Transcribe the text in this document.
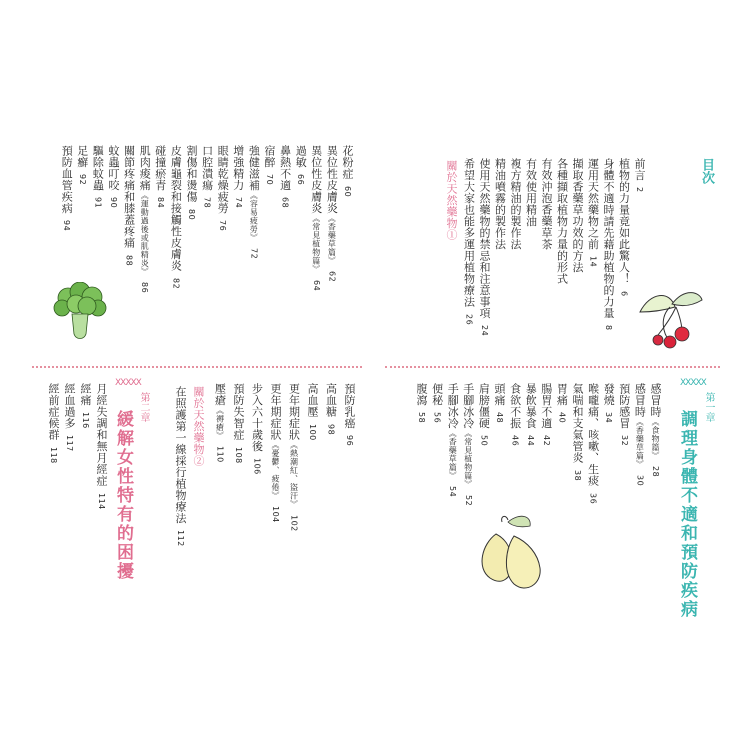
目次
前言2
植物的力量竟如此驚人！6
身體不適時請先藉助植物的力量8
運用天然藥物之前14
擷取香藥草功效的方法
各種擷取植物力量的形式
有效沖泡香藥草茶
有效使用精油
複方精油的製作法
精油噴霧的製作法
使用天然藥物的禁忌和注意事項24
希望大家也能多運用植物療法26
花粉症60
異位性皮膚炎《香藥草篇》62
異位性皮膚炎《常見植物篇》64
過敏66
鼻熱不適68
宿醉70
強健滋補《容易疲勞》72
增強精力74
眼睛乾燥疲勞76
口腔潰瘍78
割傷和燙傷80
皮膚龜裂和接觸性皮膚炎82
碰撞瘀青84
肌肉痠痛《運動過後或肌精炎》86
關節疼痛和膝蓋疼痛88
蚊蟲叮咬90
驅除蚊蟲91
足癬92
預防血管疾病94	關於天然藥物①
XXXXX
第一章
調理身體不適和預防疾病
感冒時《食物篇》28
感冒時《香藥草篇》30
預防感冒32
發燒34
喉嚨痛、咳嗽、生痰36
氣喘和支氣管炎38
胃痛40
腸胃不適42
暴飲暴食44
食欲不振46
頭痛48
肩膀僵硬50
手腳冰冷《常見植物篇》52
手腳冰冷《香藥草篇》54
便秘56
腹瀉58
預防乳癌96
高血糖98
高血壓100
更年期症狀《熱潮紅、盜汗》102
更年期症狀《憂鬱、疲倦》104
步入六十歲後106
預防失智症108
壓瘡《褥瘡》110
關於天然藥物②
在照護第一線採行植物療法112
XXXXX
第二章
緩解女性特有的困擾
月經失調和無月經症114
經痛116
經血過多117
經前症候群118
